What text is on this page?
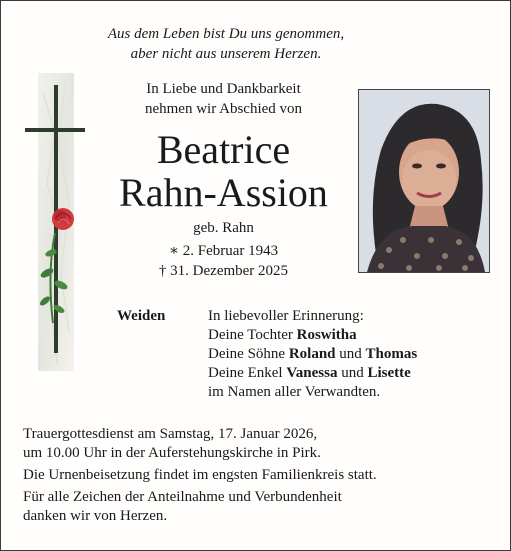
Aus dem Leben bist Du uns genommen,
aber nicht aus unserem Herzen.
In Liebe und Dankbarkeit
nehmen wir Abschied von
Beatrice
Rahn-Assion
geb. Rahn
∗ 2. Februar 1943
† 31. Dezember 2025
Weiden	In liebevoller Erinnerung:
Deine Tochter Roswitha
Deine Söhne Roland und Thomas
Deine Enkel Vanessa und Lisette
im Namen aller Verwandten.
Trauergottesdienst am Samstag, 17. Januar 2026,
um 10.00 Uhr in der Auferstehungskirche in Pirk.
Die Urnenbeisetzung findet im engsten Familienkreis statt.
Für alle Zeichen der Anteilnahme und Verbundenheit
danken wir von Herzen.
